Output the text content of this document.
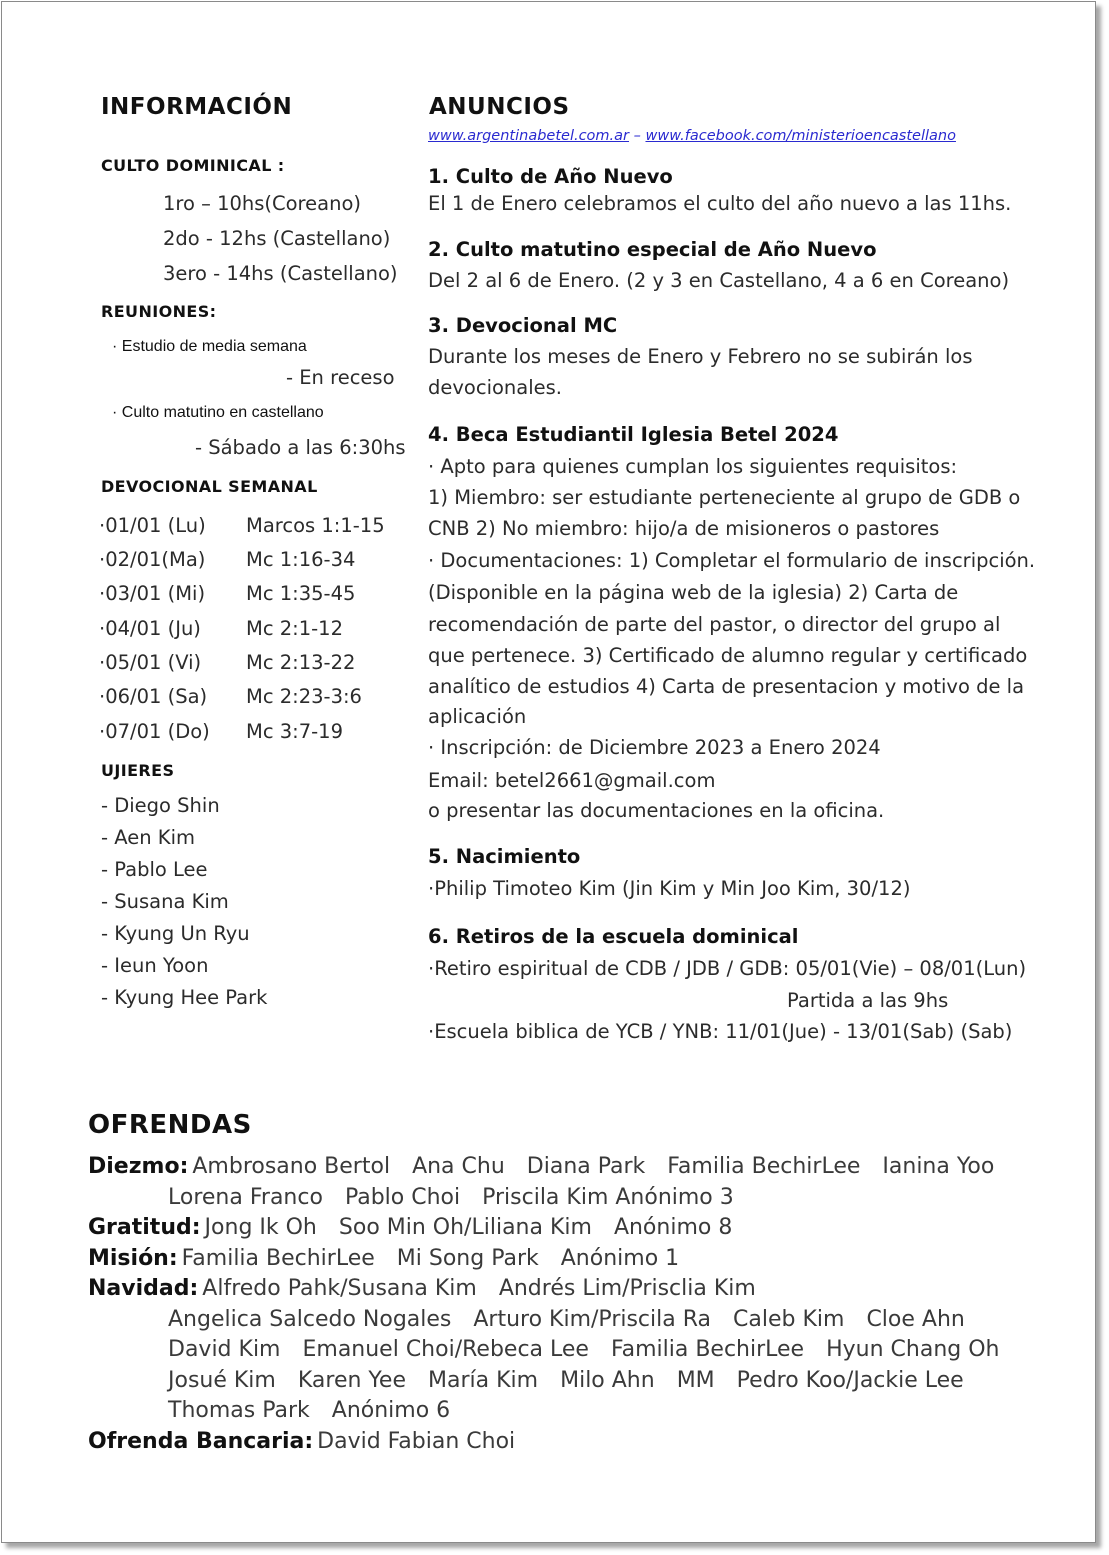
INFORMACIÓN
CULTO DOMINICAL :
1ro – 10hs(Coreano)
2do - 12hs (Castellano)
3ero - 14hs (Castellano)
REUNIONES:
· Estudio de media semana
- En receso
· Culto matutino en castellano
- Sábado a las 6:30hs
DEVOCIONAL SEMANAL
·01/01 (Lu) Marcos 1:1-15
·02/01(Ma) Mc 1:16-34
·03/01 (Mi) Mc 1:35-45
·04/01 (Ju) Mc 2:1-12
·05/01 (Vi) Mc 2:13-22
·06/01 (Sa) Mc 2:23-3:6
·07/01 (Do) Mc 3:7-19
UJIERES
- Diego Shin
- Aen Kim
- Pablo Lee
- Susana Kim
- Kyung Un Ryu
- Ieun Yoon
- Kyung Hee Park
ANUNCIOS
www.argentinabetel.com.ar – www.facebook.com/ministerioencastellano
1. Culto de Año Nuevo
El 1 de Enero celebramos el culto del año nuevo a las 11hs.
2. Culto matutino especial de Año Nuevo
Del 2 al 6 de Enero. (2 y 3 en Castellano, 4 a 6 en Coreano)
3. Devocional MC
Durante los meses de Enero y Febrero no se subirán los
devocionales.
4. Beca Estudiantil Iglesia Betel 2024
· Apto para quienes cumplan los siguientes requisitos:
1) Miembro: ser estudiante perteneciente al grupo de GDB o
CNB 2) No miembro: hijo/a de misioneros o pastores
· Documentaciones: 1) Completar el formulario de inscripción.
(Disponible en la página web de la iglesia) 2) Carta de
recomendación de parte del pastor, o director del grupo al
que pertenece. 3) Certificado de alumno regular y certificado
analítico de estudios 4) Carta de presentacion y motivo de la
aplicación
· Inscripción: de Diciembre 2023 a Enero 2024
Email: betel2661@gmail.com
o presentar las documentaciones en la oficina.
5. Nacimiento
·Philip Timoteo Kim (Jin Kim y Min Joo Kim, 30/12)
6. Retiros de la escuela dominical
·Retiro espiritual de CDB / JDB / GDB: 05/01(Vie) – 08/01(Lun)
Partida a las 9hs
·Escuela biblica de YCB / YNB: 11/01(Jue) - 13/01(Sab) (Sab)
OFRENDAS
Diezmo: Ambrosano Bertol Ana Chu Diana Park Familia BechirLee Ianina Yoo
Lorena Franco Pablo Choi Priscila Kim Anónimo 3
Gratitud: Jong Ik Oh Soo Min Oh/Liliana Kim Anónimo 8
Misión: Familia BechirLee Mi Song Park Anónimo 1
Navidad: Alfredo Pahk/Susana Kim Andrés Lim/Prisclia Kim
Angelica Salcedo Nogales Arturo Kim/Priscila Ra Caleb Kim Cloe Ahn
David Kim Emanuel Choi/Rebeca Lee Familia BechirLee Hyun Chang Oh
Josué Kim Karen Yee María Kim Milo Ahn MM Pedro Koo/Jackie Lee
Thomas Park Anónimo 6
Ofrenda Bancaria: David Fabian Choi
